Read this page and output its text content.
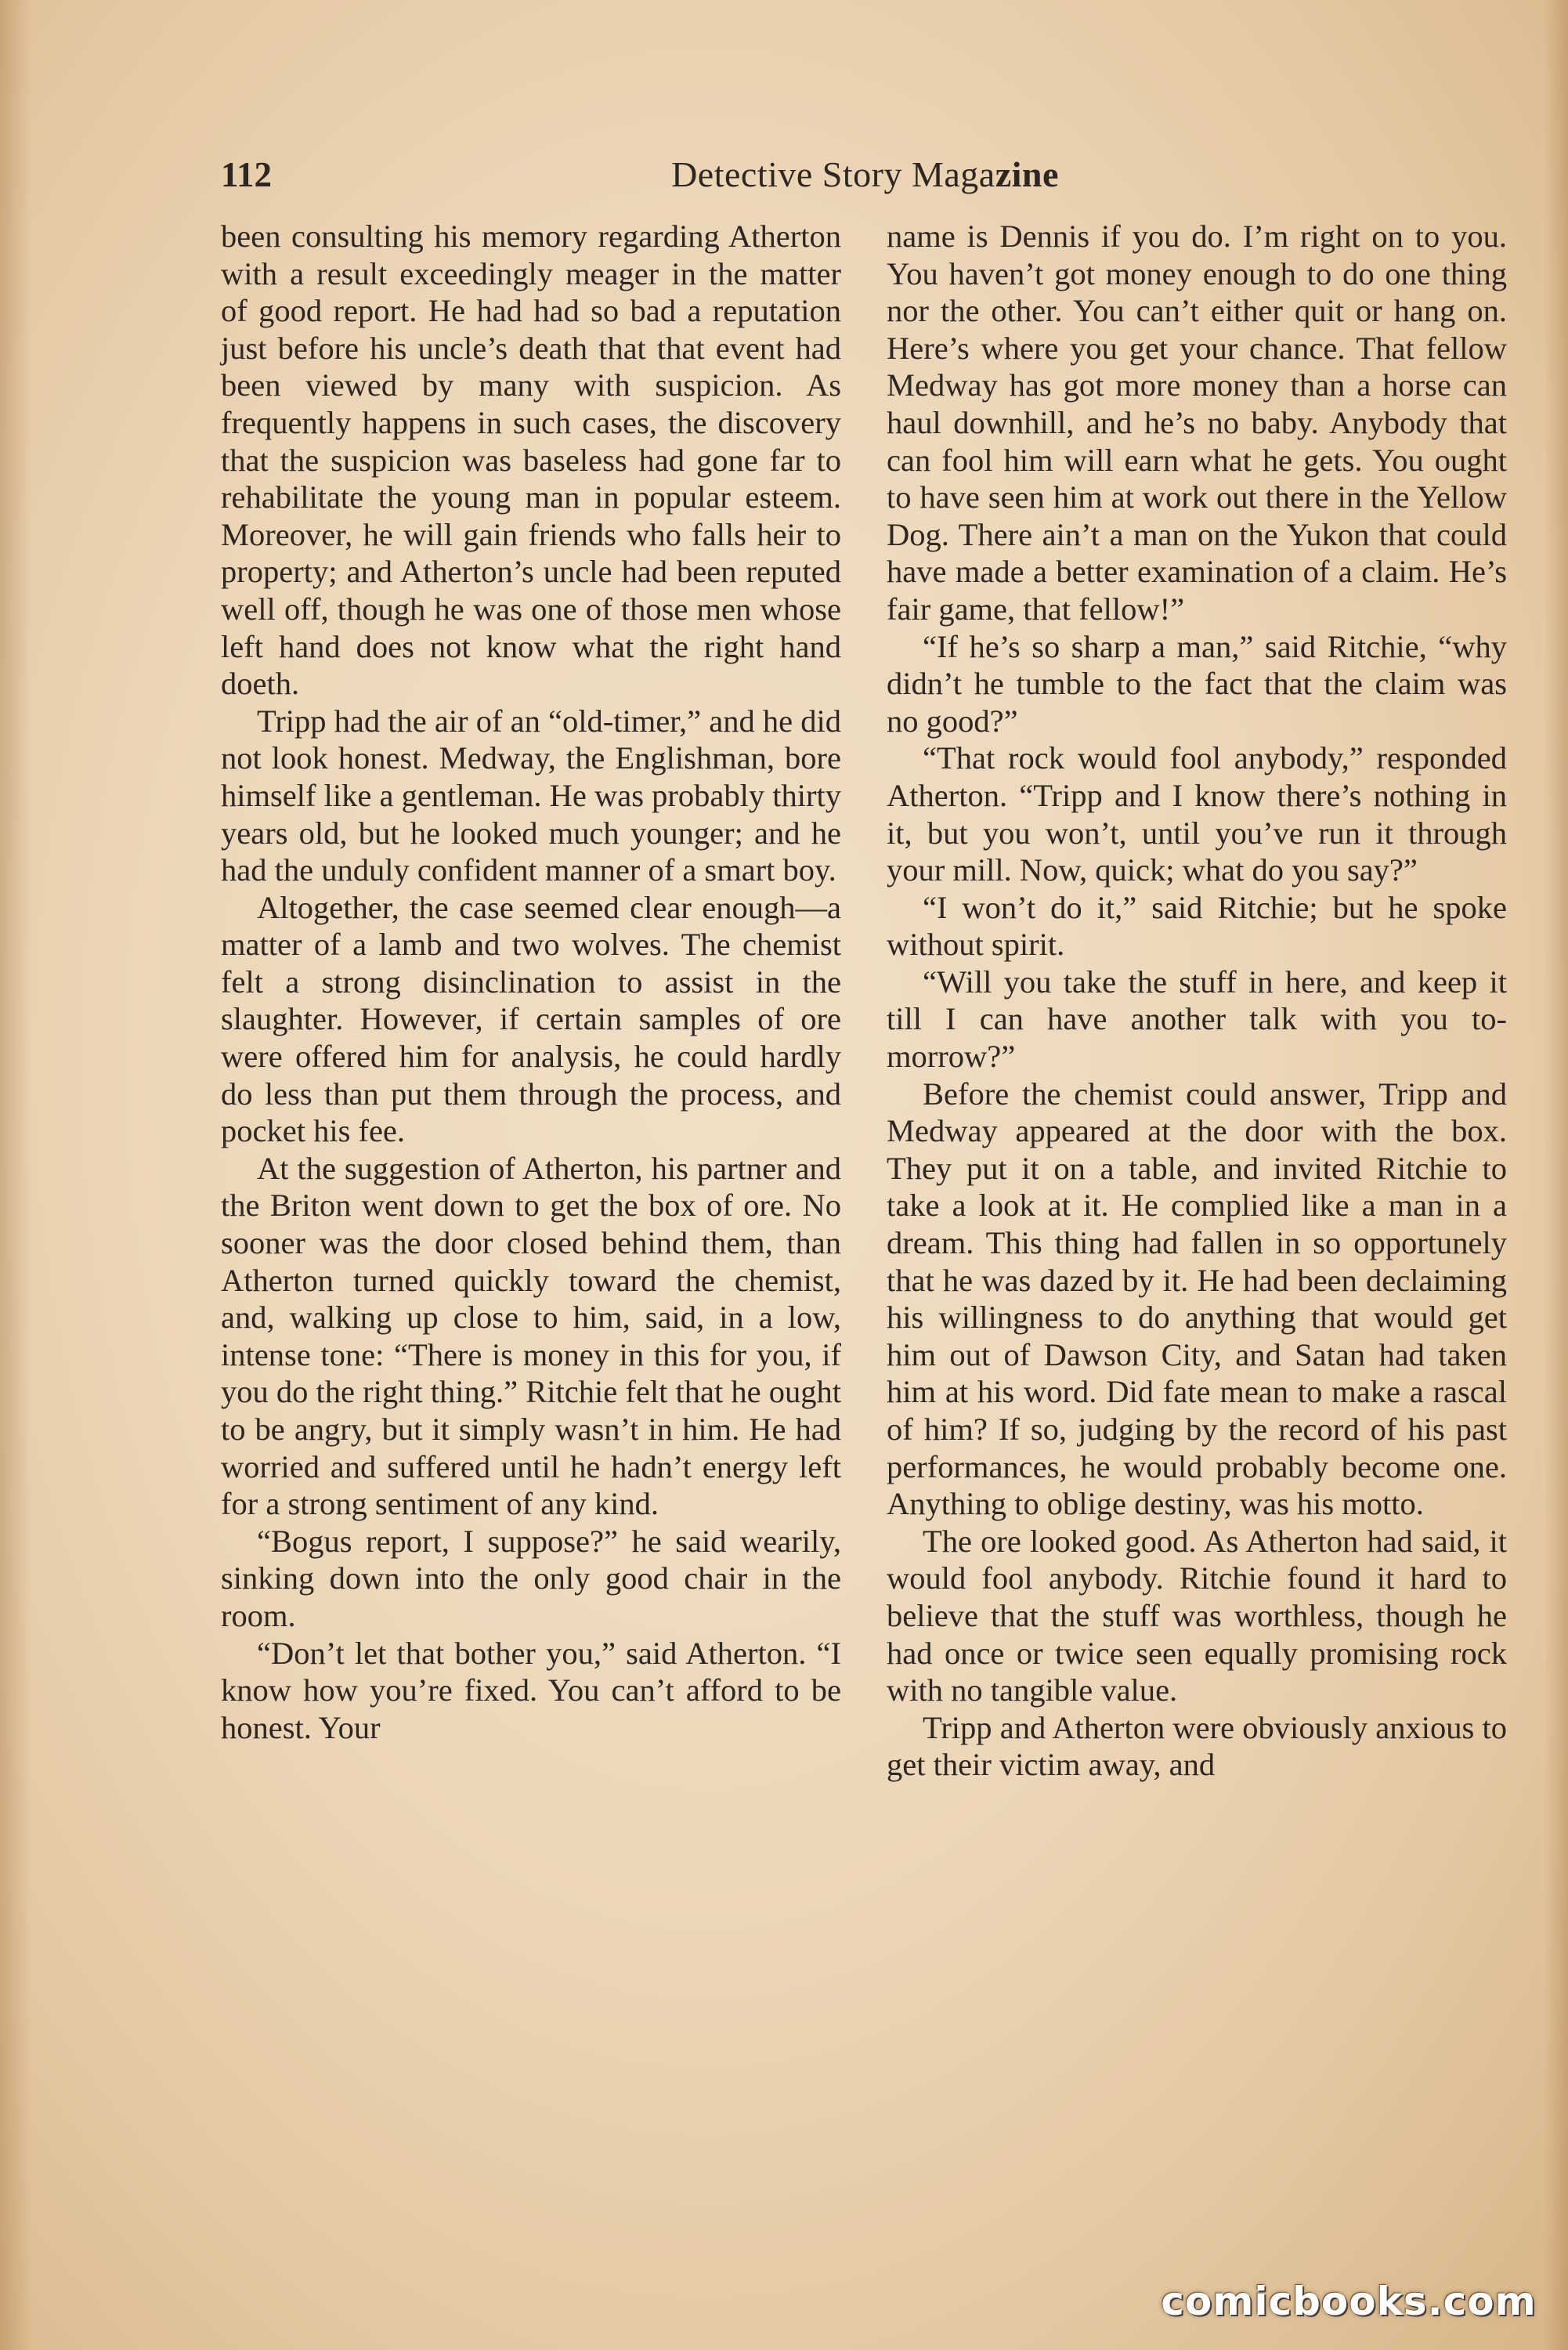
112	Detective Story Magazine

been consulting his memory regarding Atherton with a result exceedingly meager in the matter of good report. He had had so bad a reputation just before his uncle’s death that that event had been viewed by many with suspicion. As frequently happens in such cases, the discovery that the suspicion was baseless had gone far to rehabilitate the young man in popular esteem. Moreover, he will gain friends who falls heir to property; and Atherton’s uncle had been reputed well off, though he was one of those men whose left hand does not know what the right hand doeth.

Tripp had the air of an “old-timer,” and he did not look honest. Medway, the Englishman, bore himself like a gentleman. He was probably thirty years old, but he looked much younger; and he had the unduly confident manner of a smart boy.

Altogether, the case seemed clear enough—a matter of a lamb and two wolves. The chemist felt a strong disinclination to assist in the slaughter. However, if certain samples of ore were offered him for analysis, he could hardly do less than put them through the process, and pocket his fee.

At the suggestion of Atherton, his partner and the Briton went down to get the box of ore. No sooner was the door closed behind them, than Atherton turned quickly toward the chemist, and, walking up close to him, said, in a low, intense tone: “There is money in this for you, if you do the right thing.” Ritchie felt that he ought to be angry, but it simply wasn’t in him. He had worried and suffered until he hadn’t energy left for a strong sentiment of any kind.

“Bogus report, I suppose?” he said wearily, sinking down into the only good chair in the room.

“Don’t let that bother you,” said Atherton. “I know how you’re fixed. You can’t afford to be honest. Your

name is Dennis if you do. I’m right on to you. You haven’t got money enough to do one thing nor the other. You can’t either quit or hang on. Here’s where you get your chance. That fellow Medway has got more money than a horse can haul downhill, and he’s no baby. Anybody that can fool him will earn what he gets. You ought to have seen him at work out there in the Yellow Dog. There ain’t a man on the Yukon that could have made a better examination of a claim. He’s fair game, that fellow!”

“If he’s so sharp a man,” said Ritchie, “why didn’t he tumble to the fact that the claim was no good?”

“That rock would fool anybody,” responded Atherton. “Tripp and I know there’s nothing in it, but you won’t, until you’ve run it through your mill. Now, quick; what do you say?”

“I won’t do it,” said Ritchie; but he spoke without spirit.

“Will you take the stuff in here, and keep it till I can have another talk with you to-morrow?”

Before the chemist could answer, Tripp and Medway appeared at the door with the box. They put it on a table, and invited Ritchie to take a look at it. He complied like a man in a dream. This thing had fallen in so opportunely that he was dazed by it. He had been declaiming his willingness to do anything that would get him out of Dawson City, and Satan had taken him at his word. Did fate mean to make a rascal of him? If so, judging by the record of his past performances, he would probably become one. Anything to oblige destiny, was his motto.

The ore looked good. As Atherton had said, it would fool anybody. Ritchie found it hard to believe that the stuff was worthless, though he had once or twice seen equally promising rock with no tangible value.

Tripp and Atherton were obviously anxious to get their victim away, and

comicbooks.com
